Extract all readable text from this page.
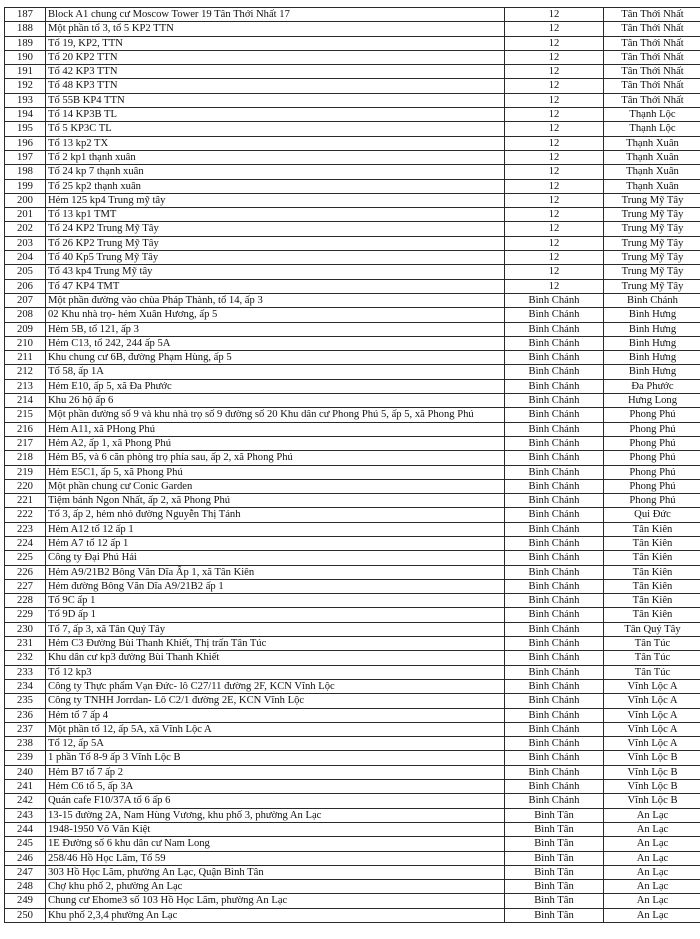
187	Block A1 chung cư Moscow Tower 19 Tân Thới Nhất 17	12	Tân Thới Nhất
188	Một phần tổ 3, tổ 5 KP2 TTN	12	Tân Thới Nhất
189	Tổ 19, KP2, TTN	12	Tân Thới Nhất
190	Tổ 20 KP2 TTN	12	Tân Thới Nhất
191	Tổ 42 KP3 TTN	12	Tân Thới Nhất
192	Tổ 48 KP3 TTN	12	Tân Thới Nhất
193	Tổ 55B KP4 TTN	12	Tân Thới Nhất
194	Tổ 14 KP3B TL	12	Thạnh Lộc
195	Tổ 5 KP3C TL	12	Thạnh Lộc
196	Tổ 13 kp2 TX	12	Thạnh Xuân
197	Tổ 2 kp1 thạnh xuân	12	Thạnh Xuân
198	Tổ 24 kp 7 thạnh xuân	12	Thạnh Xuân
199	Tổ 25 kp2 thạnh xuân	12	Thạnh Xuân
200	Hẻm 125 kp4 Trung mỹ tây	12	Trung Mỹ Tây
201	Tổ 13 kp1 TMT	12	Trung Mỹ Tây
202	Tổ 24 KP2 Trung Mỹ Tây	12	Trung Mỹ Tây
203	Tổ 26 KP2 Trung Mỹ Tây	12	Trung Mỹ Tây
204	Tổ 40 Kp5 Trung Mỹ Tây	12	Trung Mỹ Tây
205	Tổ 43 kp4 Trung Mỹ tây	12	Trung Mỹ Tây
206	Tổ 47 KP4 TMT	12	Trung Mỹ Tây
207	Một phần đường vào chùa Pháp Thành, tổ 14, ấp 3	Bình Chánh	Bình Chánh
208	02 Khu nhà trọ- hẻm Xuân Hương, ấp 5	Bình Chánh	Bình Hưng
209	Hẻm 5B, tổ 121, ấp 3	Bình Chánh	Bình Hưng
210	Hẻm C13, tổ 242, 244 ấp 5A	Bình Chánh	Bình Hưng
211	Khu chung cư 6B, đường Phạm Hùng, ấp 5	Bình Chánh	Bình Hưng
212	Tổ 58, ấp 1A	Bình Chánh	Bình Hưng
213	Hẻm E10, ấp 5, xã Đa Phước	Bình Chánh	Đa Phước
214	Khu 26 hộ ấp 6	Bình Chánh	Hưng Long
215	Một phần đường số 9 và khu nhà trọ số 9 đường số 20 Khu dân cư Phong Phú 5, ấp 5, xã Phong Phú	Bình Chánh	Phong Phú
216	Hẻm A11, xã PHong Phú	Bình Chánh	Phong Phú
217	Hẻm A2, ấp 1, xã Phong Phú	Bình Chánh	Phong Phú
218	Hẻm B5, và 6 căn phòng trọ phía sau, ấp 2, xã Phong Phú	Bình Chánh	Phong Phú
219	Hẻm E5C1, ấp 5, xã Phong Phú	Bình Chánh	Phong Phú
220	Một phần chung cư Conic Garden	Bình Chánh	Phong Phú
221	Tiệm bánh Ngon Nhất, ấp 2, xã Phong Phú	Bình Chánh	Phong Phú
222	Tổ 3, ấp 2, hẻm nhỏ đường Nguyễn Thị Tánh	Bình Chánh	Qui Đức
223	Hẻm A12 tổ 12 ấp 1	Bình Chánh	Tân Kiên
224	Hẻm A7 tổ 12 ấp 1	Bình Chánh	Tân Kiên
225	Công ty Đại Phú Hải	Bình Chánh	Tân Kiên
226	Hẻm A9/21B2 Bông Văn Dĩa Ấp 1, xã Tân Kiên	Bình Chánh	Tân Kiên
227	Hẻm đường Bông Văn Dĩa A9/21B2 ấp 1	Bình Chánh	Tân Kiên
228	Tổ 9C ấp 1	Bình Chánh	Tân Kiên
229	Tổ 9D ấp 1	Bình Chánh	Tân Kiên
230	Tổ 7, ấp 3, xã Tân Quý Tây	Bình Chánh	Tân Quý Tây
231	Hẻm C3 Đường Bùi Thanh Khiết, Thị trấn Tân Túc	Bình Chánh	Tân Túc
232	Khu dân cư kp3 đường Bùi Thanh Khiết	Bình Chánh	Tân Túc
233	Tổ 12 kp3	Bình Chánh	Tân Túc
234	Công ty Thực phẩm Vạn Đức- lô C27/11 đường 2F, KCN Vĩnh Lộc	Bình Chánh	Vĩnh Lộc A
235	Công ty TNHH Jorrdan- Lô C2/1 đường 2E, KCN Vĩnh Lộc	Bình Chánh	Vĩnh Lộc A
236	Hẻm tổ 7 ấp 4	Bình Chánh	Vĩnh Lộc A
237	Một phần tổ 12, ấp 5A, xã Vĩnh Lộc A	Bình Chánh	Vĩnh Lộc A
238	Tổ 12, ấp 5A	Bình Chánh	Vĩnh Lộc A
239	1 phần Tổ 8-9 ấp 3 Vĩnh Lộc B	Bình Chánh	Vĩnh Lộc B
240	Hẻm B7 tổ 7 ấp 2	Bình Chánh	Vĩnh Lộc B
241	Hẻm C6 tổ 5, ấp 3A	Bình Chánh	Vĩnh Lộc B
242	Quán cafe F10/37A tổ 6 ấp 6	Bình Chánh	Vĩnh Lộc B
243	13-15 đường 2A, Nam Hùng Vương, khu phố 3, phường An Lạc	Bình Tân	An Lạc
244	1948-1950 Võ Văn Kiệt	Bình Tân	An Lạc
245	1E Đường số 6 khu dân cư Nam Long	Bình Tân	An Lạc
246	258/46 Hồ Học Lãm, Tổ 59	Bình Tân	An Lạc
247	303 Hồ Học Lãm, phường An Lạc, Quận Bình Tân	Bình Tân	An Lạc
248	Chợ khu phố 2, phường An Lạc	Bình Tân	An Lạc
249	Chung cư Ehome3 số 103 Hồ Học Lãm, phường An Lạc	Bình Tân	An Lạc
250	Khu phố 2,3,4 phường An Lạc	Bình Tân	An Lạc
